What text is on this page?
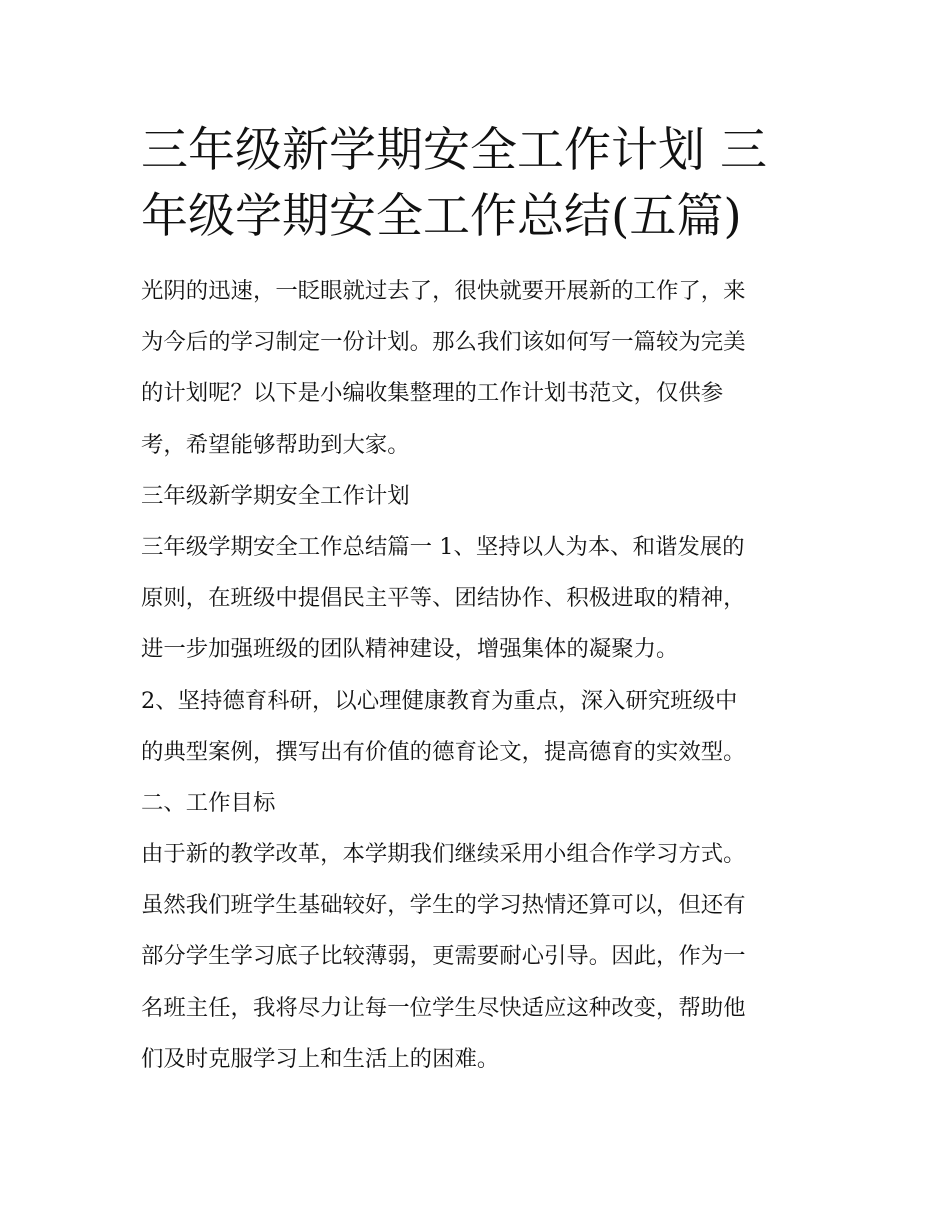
三年级新学期安全工作计划 三
年级学期安全工作总结(五篇)
光阴的迅速，一眨眼就过去了，很快就要开展新的工作了，来
为今后的学习制定一份计划。那么我们该如何写一篇较为完美
的计划呢？以下是小编收集整理的工作计划书范文，仅供参
考，希望能够帮助到大家。
三年级新学期安全工作计划
三年级学期安全工作总结篇一 1、坚持以人为本、和谐发展的
原则，在班级中提倡民主平等、团结协作、积极进取的精神，
进一步加强班级的团队精神建设，增强集体的凝聚力。
2、坚持德育科研，以心理健康教育为重点，深入研究班级中
的典型案例，撰写出有价值的德育论文，提高德育的实效型。
二、工作目标
由于新的教学改革，本学期我们继续采用小组合作学习方式。
虽然我们班学生基础较好，学生的学习热情还算可以，但还有
部分学生学习底子比较薄弱，更需要耐心引导。因此，作为一
名班主任，我将尽力让每一位学生尽快适应这种改变，帮助他
们及时克服学习上和生活上的困难。
